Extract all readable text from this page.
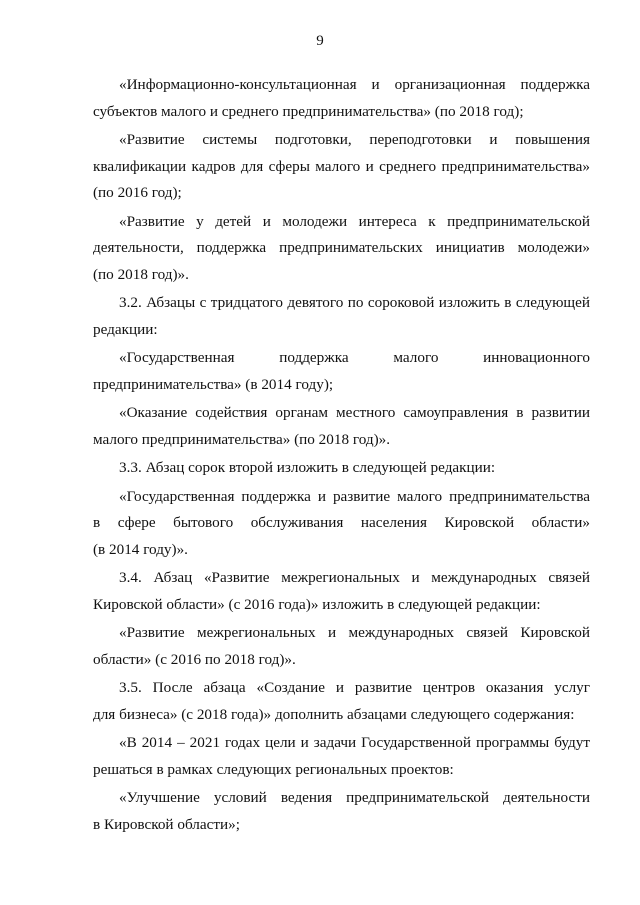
9
«Информационно-консультационная и организационная поддержка
субъектов малого и среднего предпринимательства» (по 2018 год);
«Развитие системы подготовки, переподготовки и повышения
квалификации кадров для сферы малого и среднего предпринимательства»
(по 2016 год);
«Развитие у детей и молодежи интереса к предпринимательской
деятельности, поддержка предпринимательских инициатив молодежи»
(по 2018 год)».
3.2. Абзацы с тридцатого девятого по сороковой изложить в следующей
редакции:
«Государственная поддержка малого инновационного
предпринимательства» (в 2014 году);
«Оказание содействия органам местного самоуправления в развитии
малого предпринимательства» (по 2018 год)».
3.3. Абзац сорок второй изложить в следующей редакции:
«Государственная поддержка и развитие малого предпринимательства
в сфере бытового обслуживания населения Кировской области»
(в 2014 году)».
3.4. Абзац «Развитие межрегиональных и международных связей
Кировской области» (с 2016 года)» изложить в следующей редакции:
«Развитие межрегиональных и международных связей Кировской
области» (с 2016 по 2018 год)».
3.5. После абзаца «Создание и развитие центров оказания услуг
для бизнеса» (с 2018 года)» дополнить абзацами следующего содержания:
«В 2014 – 2021 годах цели и задачи Государственной программы будут
решаться в рамках следующих региональных проектов:
«Улучшение условий ведения предпринимательской деятельности
в Кировской области»;
